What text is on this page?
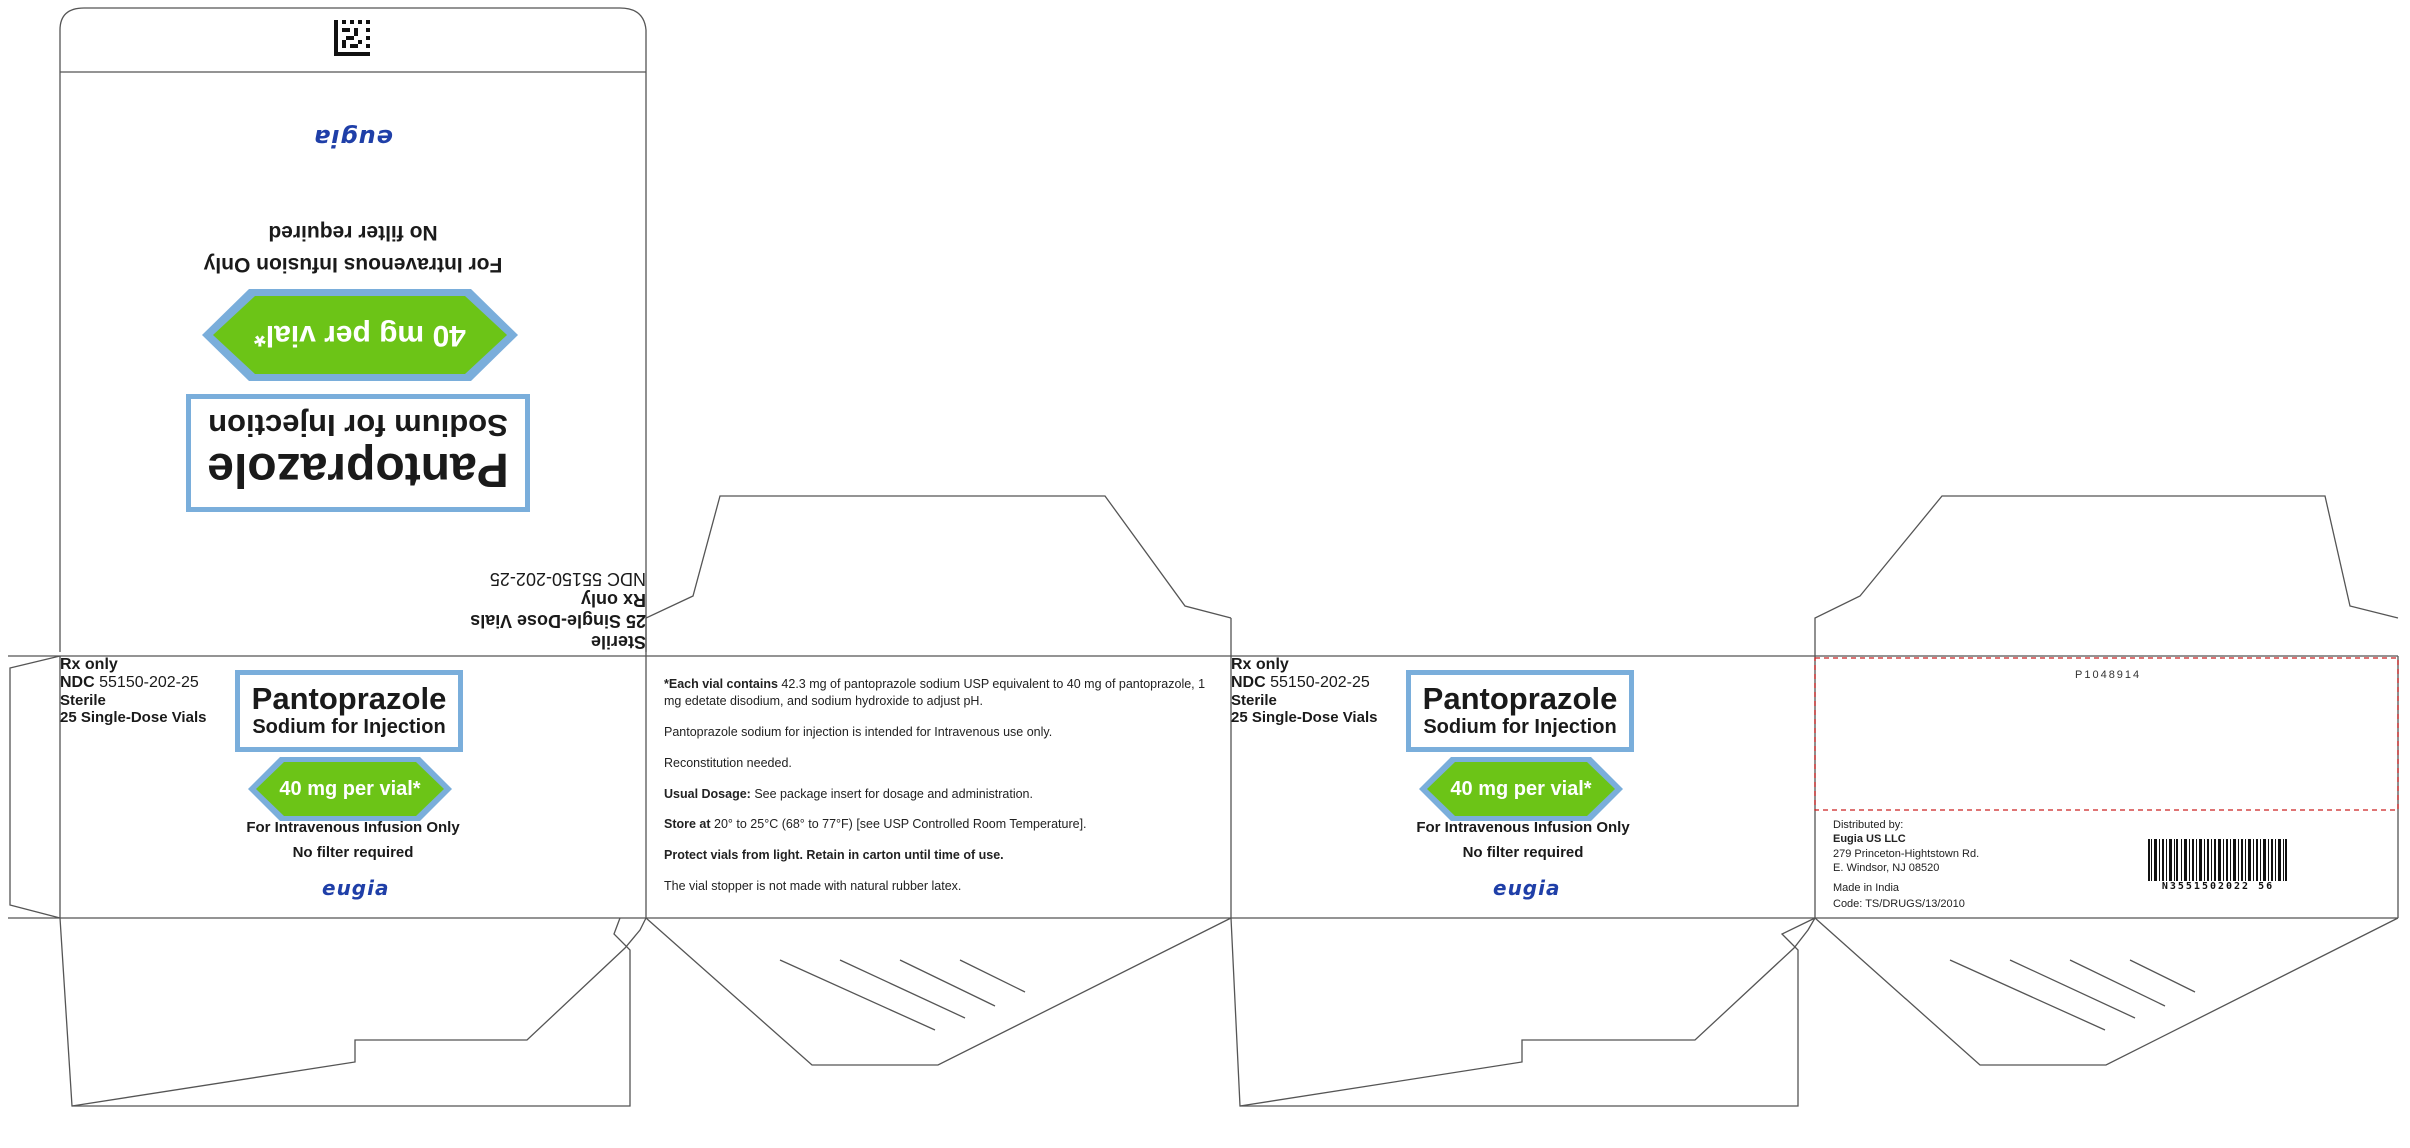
eugia
Sterile
25 Single-Dose Vials
No filter required
For Intravenous Infusion Only
40 mg per vial*
Pantoprazole
Sodium for Injection
Rx only
NDC 55150-202-25
Rx only
NDC 55150-202-25	Pantoprazole
Sodium for Injection
40 mg per vial*
For Intravenous Infusion Only
No filter required
Sterile
25 Single-Dose Vials
eugia

*Each vial contains 42.3 mg of pantoprazole sodium USP equivalent to 40 mg of pantoprazole, 1 mg edetate disodium, and sodium hydroxide to adjust pH.

Pantoprazole sodium for injection is intended for Intravenous use only.

Reconstitution needed.

Usual Dosage: See package insert for dosage and administration.

Store at 20° to 25°C (68° to 77°F) [see USP Controlled Room Temperature].

Protect vials from light. Retain in carton until time of use.

The vial stopper is not made with natural rubber latex.

Rx only
NDC 55150-202-25	Pantoprazole
Sodium for Injection
40 mg per vial*
For Intravenous Infusion Only
No filter required
Sterile
25 Single-Dose Vials
eugia
P1048914
Distributed by:
Eugia US LLC
279 Princeton-Hightstown Rd.
E. Windsor, NJ 08520
Made in India
Code: TS/DRUGS/13/2010
N3551502022 56
